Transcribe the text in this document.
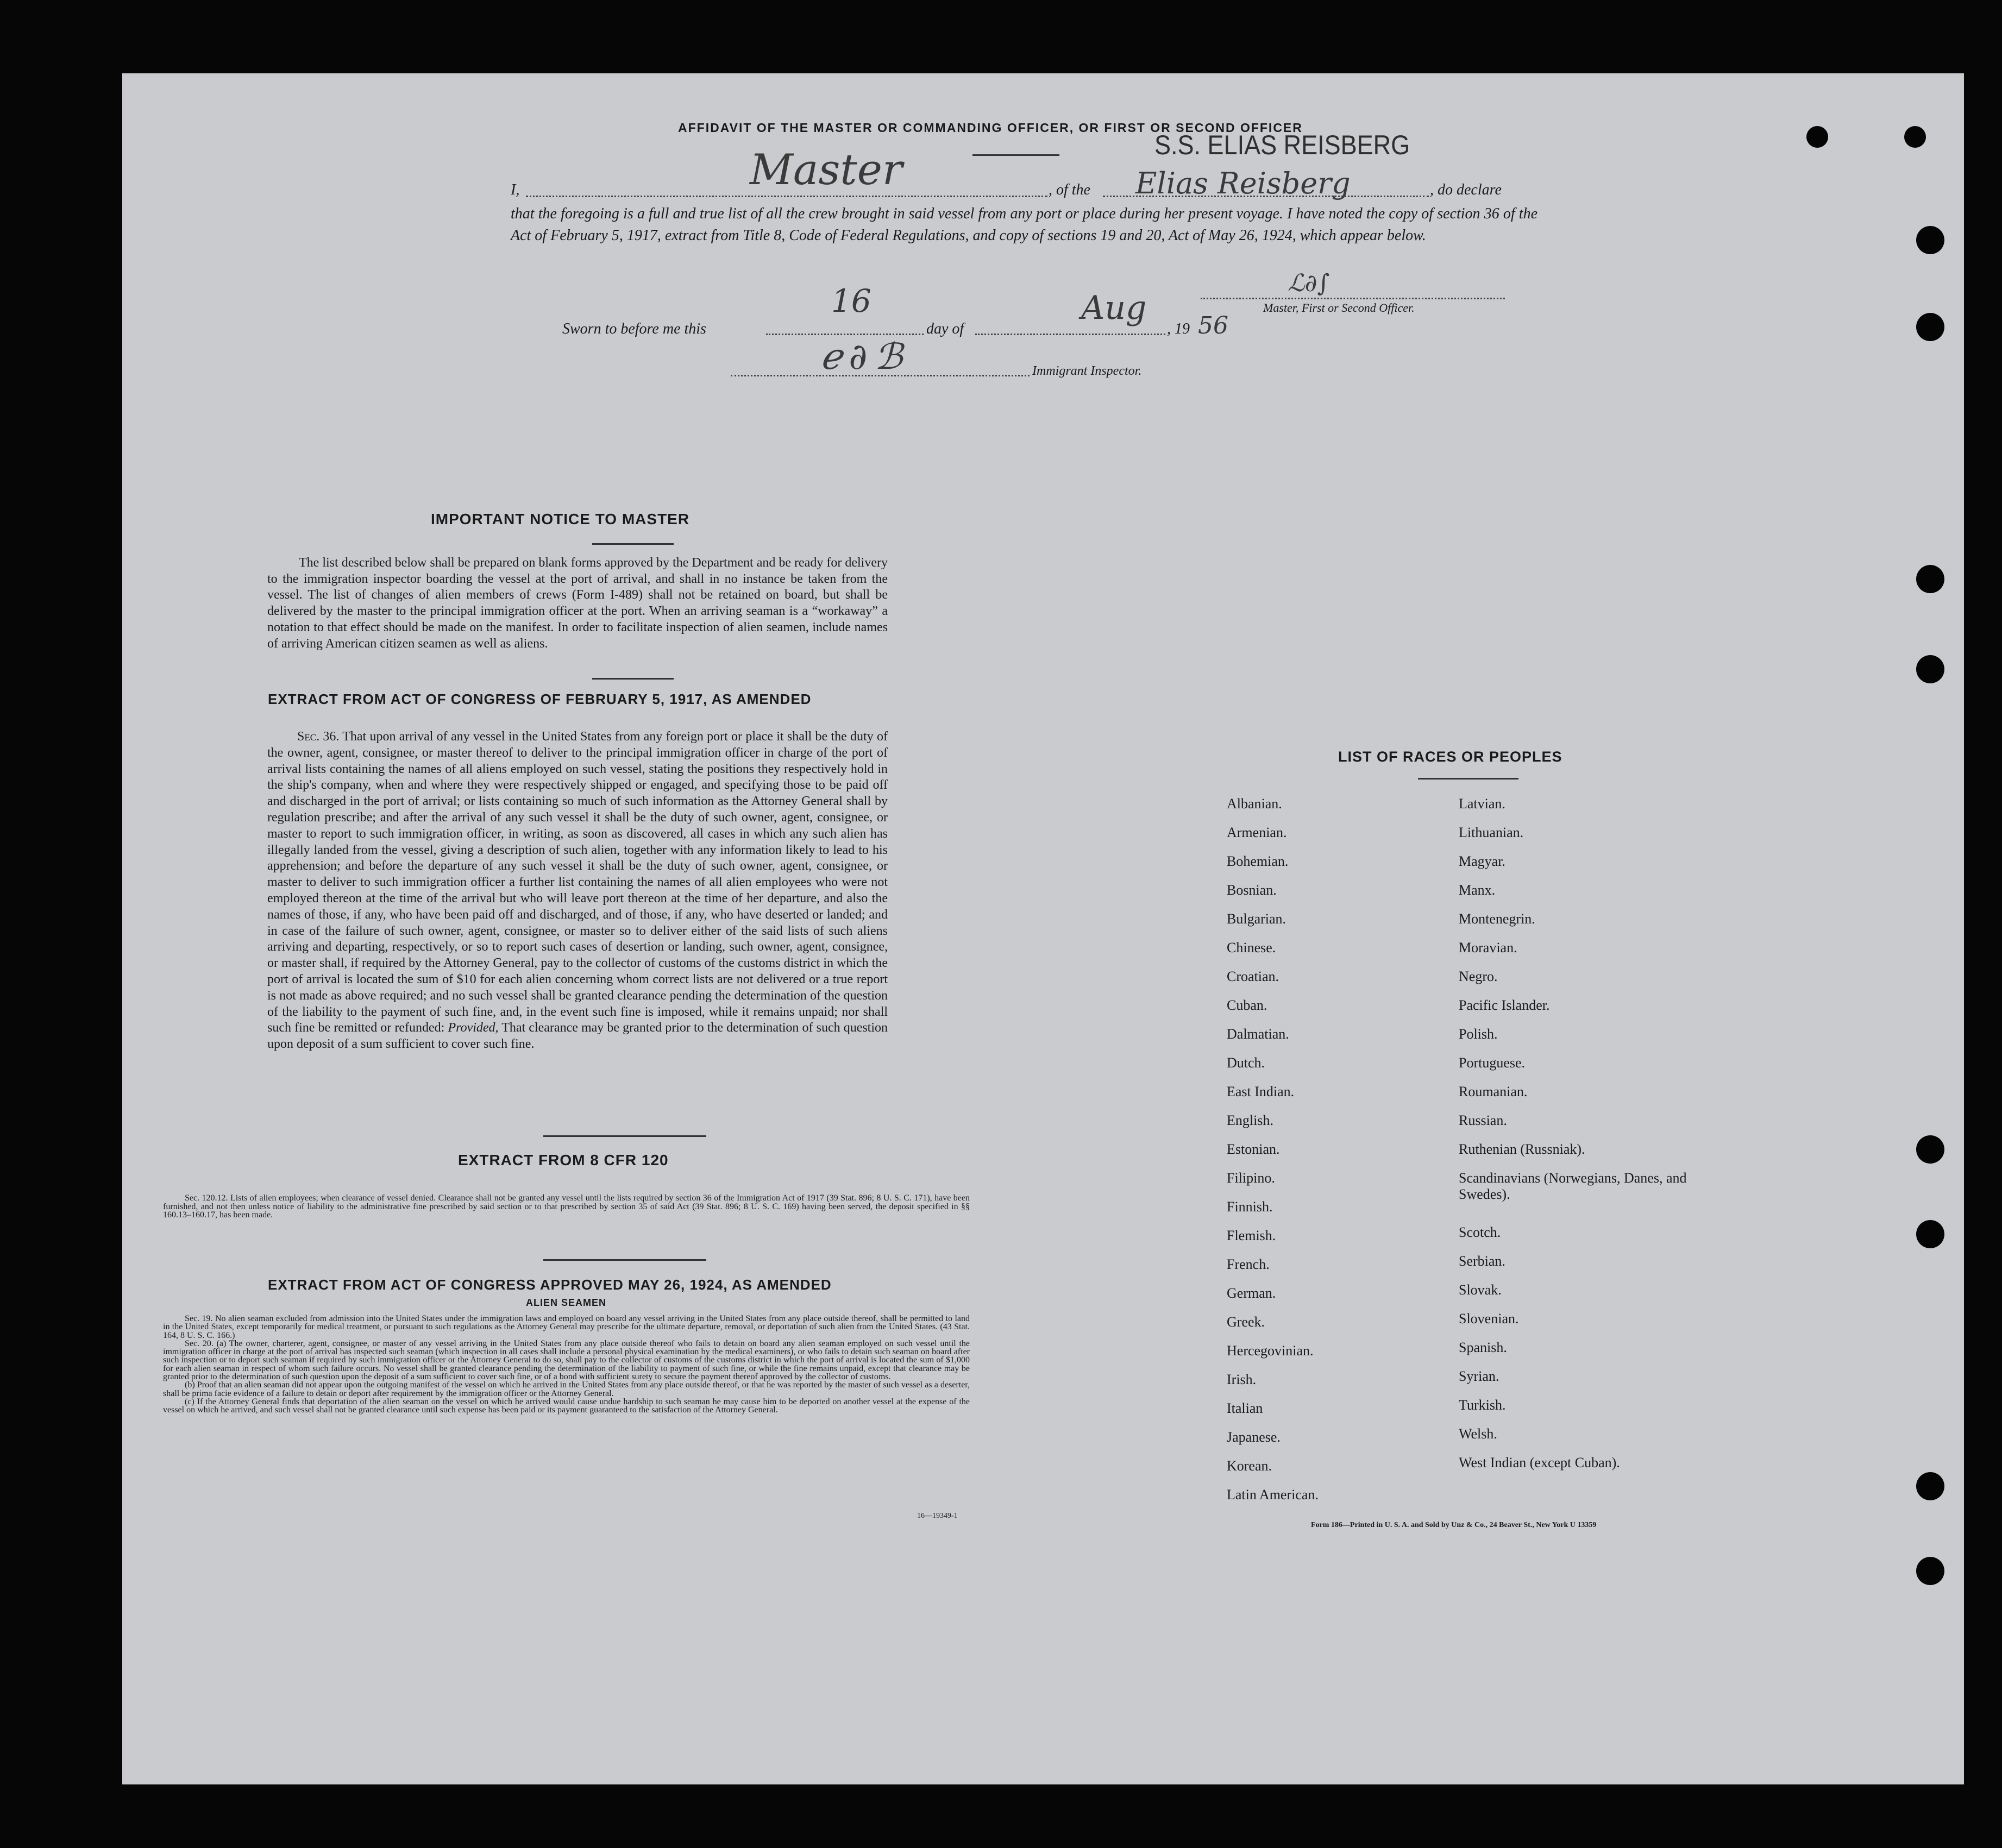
AFFIDAVIT OF THE MASTER OR COMMANDING OFFICER, OR FIRST OR SECOND OFFICER
S.S. ELIAS REISBERG
I,	Master	, of the Elias Reisberg	, do declare
that the foregoing is a full and true list of all the crew brought in said vessel from any port or place during her present voyage. I have noted the copy of section 36 of the Act of February 5, 1917, extract from Title 8, Code of Federal Regulations, and copy of sections 19 and 20, Act of May 26, 1924, which appear below.
ℒ∂∫
Master, First or Second Officer.
16
Sworn to before me this	day of
Aug
, 19 56
ℯ ∂ ℬ	Immigrant Inspector.
IMPORTANT NOTICE TO MASTER
The list described below shall be prepared on blank forms approved by the Department and be ready for delivery to the immigration inspector boarding the vessel at the port of arrival, and shall in no instance be taken from the vessel. The list of changes of alien members of crews (Form I-489) shall not be retained on board, but shall be delivered by the master to the principal immigration officer at the port. When an arriving seaman is a “workaway” a notation to that effect should be made on the manifest. In order to facilitate inspection of alien seamen, include names of arriving American citizen seamen as well as aliens.
EXTRACT FROM ACT OF CONGRESS OF FEBRUARY 5, 1917, AS AMENDED
Sec. 36. That upon arrival of any vessel in the United States from any foreign port or place it shall be the duty of the owner, agent, consignee, or master thereof to deliver to the principal immigration officer in charge of the port of arrival lists containing the names of all aliens employed on such vessel, stating the positions they respectively hold in the ship's company, when and where they were respectively shipped or engaged, and specifying those to be paid off and discharged in the port of arrival; or lists containing so much of such information as the Attorney General shall by regulation prescribe; and after the arrival of any such vessel it shall be the duty of such owner, agent, consignee, or master to report to such immigration officer, in writing, as soon as discovered, all cases in which any such alien has illegally landed from the vessel, giving a description of such alien, together with any information likely to lead to his apprehension; and before the departure of any such vessel it shall be the duty of such owner, agent, consignee, or master to deliver to such immigration officer a further list containing the names of all alien employees who were not employed thereon at the time of the arrival but who will leave port thereon at the time of her departure, and also the names of those, if any, who have been paid off and discharged, and of those, if any, who have deserted or landed; and in case of the failure of such owner, agent, consignee, or master so to deliver either of the said lists of such aliens arriving and departing, respectively, or so to report such cases of desertion or landing, such owner, agent, consignee, or master shall, if required by the Attorney General, pay to the collector of customs of the customs district in which the port of arrival is located the sum of $10 for each alien concerning whom correct lists are not delivered or a true report is not made as above required; and no such vessel shall be granted clearance pending the determination of the question of the liability to the payment of such fine, and, in the event such fine is imposed, while it remains unpaid; nor shall such fine be remitted or refunded: Provided, That clearance may be granted prior to the determination of such question upon deposit of a sum sufficient to cover such fine.
EXTRACT FROM 8 CFR 120
Sec. 120.12. Lists of alien employees; when clearance of vessel denied. Clearance shall not be granted any vessel until the lists required by section 36 of the Immigration Act of 1917 (39 Stat. 896; 8 U. S. C. 171), have been furnished, and not then unless notice of liability to the administrative fine prescribed by said section or to that prescribed by section 35 of said Act (39 Stat. 896; 8 U. S. C. 169) having been served, the deposit specified in §§ 160.13–160.17, has been made.
EXTRACT FROM ACT OF CONGRESS APPROVED MAY 26, 1924, AS AMENDED
ALIEN SEAMEN
Sec. 19. No alien seaman excluded from admission into the United States under the immigration laws and employed on board any vessel arriving in the United States from any place outside thereof, shall be permitted to land in the United States, except temporarily for medical treatment, or pursuant to such regulations as the Attorney General may prescribe for the ultimate departure, removal, or deportation of such alien from the United States. (43 Stat. 164, 8 U. S. C. 166.)
Sec. 20. (a) The owner, charterer, agent, consignee, or master of any vessel arriving in the United States from any place outside thereof who fails to detain on board any alien seaman employed on such vessel until the immigration officer in charge at the port of arrival has inspected such seaman (which inspection in all cases shall include a personal physical examination by the medical examiners), or who fails to detain such seaman on board after such inspection or to deport such seaman if required by such immigration officer or the Attorney General to do so, shall pay to the collector of customs of the customs district in which the port of arrival is located the sum of $1,000 for each alien seaman in respect of whom such failure occurs. No vessel shall be granted clearance pending the determination of the liability to payment of such fine, or while the fine remains unpaid, except that clearance may be granted prior to the determination of such question upon the deposit of a sum sufficient to cover such fine, or of a bond with sufficient surety to secure the payment thereof approved by the collector of customs.
(b) Proof that an alien seaman did not appear upon the outgoing manifest of the vessel on which he arrived in the United States from any place outside thereof, or that he was reported by the master of such vessel as a deserter, shall be prima facie evidence of a failure to detain or deport after requirement by the immigration officer or the Attorney General.
(c) If the Attorney General finds that deportation of the alien seaman on the vessel on which he arrived would cause undue hardship to such seaman he may cause him to be deported on another vessel at the expense of the vessel on which he arrived, and such vessel shall not be granted clearance until such expense has been paid or its payment guaranteed to the satisfaction of the Attorney General.
16—19349-1
LIST OF RACES OR PEOPLES
Albanian.
Armenian.
Bohemian.
Bosnian.
Bulgarian.
Chinese.
Croatian.
Cuban.
Dalmatian.
Dutch.
East Indian.
English.
Estonian.
Filipino.
Finnish.
Flemish.
French.
German.
Greek.
Hercegovinian.
Irish.
Italian
Japanese.
Korean.
Latin American.
Latvian.
Lithuanian.
Magyar.
Manx.
Montenegrin.
Moravian.
Negro.
Pacific Islander.
Polish.
Portuguese.
Roumanian.
Russian.
Ruthenian (Russniak).
Scandinavians (Norwegians, Danes, and Swedes).
Scotch.
Serbian.
Slovak.
Slovenian.
Spanish.
Syrian.
Turkish.
Welsh.
West Indian (except Cuban).
Form 186—Printed in U. S. A. and Sold by Unz & Co., 24 Beaver St., New York U 13359
